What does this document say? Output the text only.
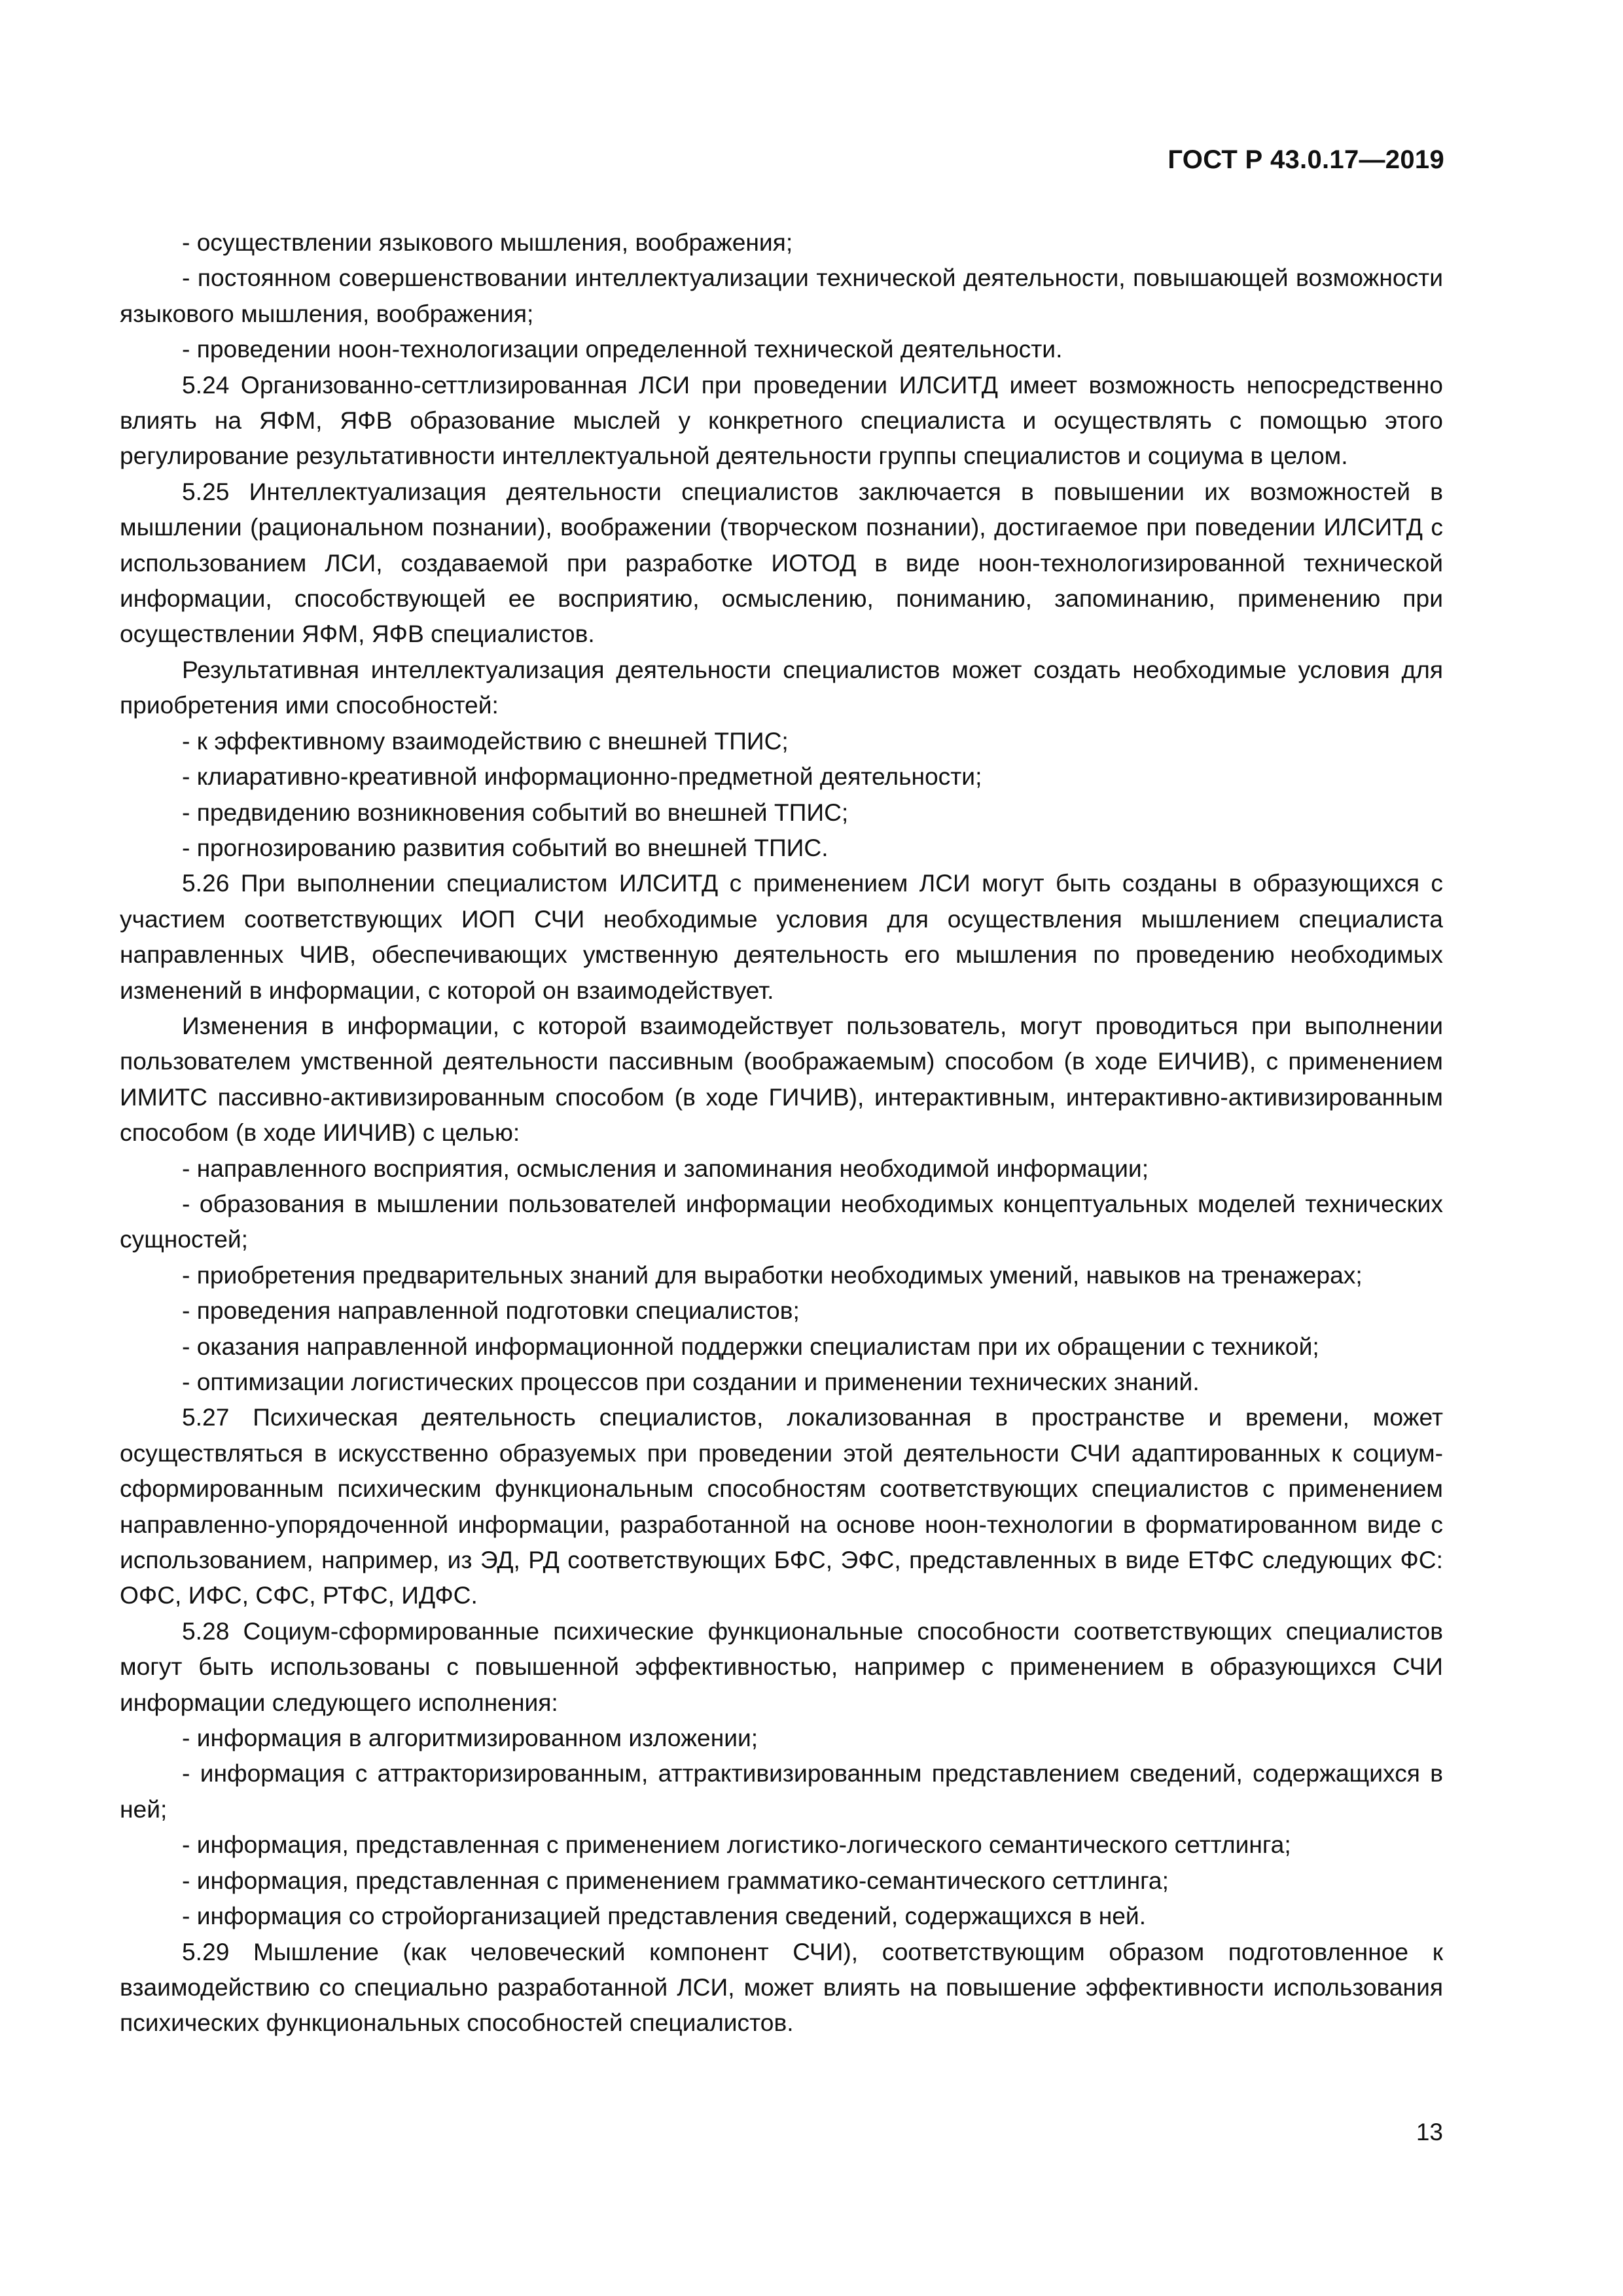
ГОСТ Р 43.0.17—2019

- осуществлении языкового мышления, воображения;

- постоянном совершенствовании интеллектуализации технической деятельности, повышающей возможности языкового мышления, воображения;

- проведении ноон-технологизации определенной технической деятельности.

5.24 Организованно-сеттлизированная ЛСИ при проведении ИЛСИТД имеет возможность непосредственно влиять на ЯФМ, ЯФВ образование мыслей у конкретного специалиста и осуществлять с помощью этого регулирование результативности интеллектуальной деятельности группы специалистов и социума в целом.

5.25 Интеллектуализация деятельности специалистов заключается в повышении их возможностей в мышлении (рациональном познании), воображении (творческом познании), достигаемое при поведении ИЛСИТД с использованием ЛСИ, создаваемой при разработке ИОТОД в виде ноон-технологизированной технической информации, способствующей ее восприятию, осмыслению, пониманию, запоминанию, применению при осуществлении ЯФМ, ЯФВ специалистов.

Результативная интеллектуализация деятельности специалистов может создать необходимые условия для приобретения ими способностей:

- к эффективному взаимодействию с внешней ТПИС;

- клиаративно-креативной информационно-предметной деятельности;

- предвидению возникновения событий во внешней ТПИС;

- прогнозированию развития событий во внешней ТПИС.

5.26 При выполнении специалистом ИЛСИТД с применением ЛСИ могут быть созданы в образующихся с участием соответствующих ИОП СЧИ необходимые условия для осуществления мышлением специалиста направленных ЧИВ, обеспечивающих умственную деятельность его мышления по проведению необходимых изменений в информации, с которой он взаимодействует.

Изменения в информации, с которой взаимодействует пользователь, могут проводиться при выполнении пользователем умственной деятельности пассивным (воображаемым) способом (в ходе ЕИЧИВ), с применением ИМИТС пассивно-активизированным способом (в ходе ГИЧИВ), интерактивным, интерактивно-активизированным способом (в ходе ИИЧИВ) с целью:

- направленного восприятия, осмысления и запоминания необходимой информации;

- образования в мышлении пользователей информации необходимых концептуальных моделей технических сущностей;

- приобретения предварительных знаний для выработки необходимых умений, навыков на тренажерах;

- проведения направленной подготовки специалистов;

- оказания направленной информационной поддержки специалистам при их обращении с техникой;

- оптимизации логистических процессов при создании и применении технических знаний.

5.27 Психическая деятельность специалистов, локализованная в пространстве и времени, может осуществляться в искусственно образуемых при проведении этой деятельности СЧИ адаптированных к социум-сформированным психическим функциональным способностям соответствующих специалистов с применением направленно-упорядоченной информации, разработанной на основе ноон-технологии в форматированном виде с использованием, например, из ЭД, РД соответствующих БФС, ЭФС, представленных в виде ЕТФС следующих ФС: ОФС, ИФС, СФС, РТФС, ИДФС.

5.28 Социум-сформированные психические функциональные способности соответствующих специалистов могут быть использованы с повышенной эффективностью, например с применением в образующихся СЧИ информации следующего исполнения:

- информация в алгоритмизированном изложении;

- информация с аттракторизированным, аттрактивизированным представлением сведений, содержащихся в ней;

- информация, представленная с применением логистико-логического семантического сеттлинга;

- информация, представленная с применением грамматико-семантического сеттлинга;

- информация со стройорганизацией представления сведений, содержащихся в ней.

5.29 Мышление (как человеческий компонент СЧИ), соответствующим образом подготовленное к взаимодействию со специально разработанной ЛСИ, может влиять на повышение эффективности использования психических функциональных способностей специалистов.

13
